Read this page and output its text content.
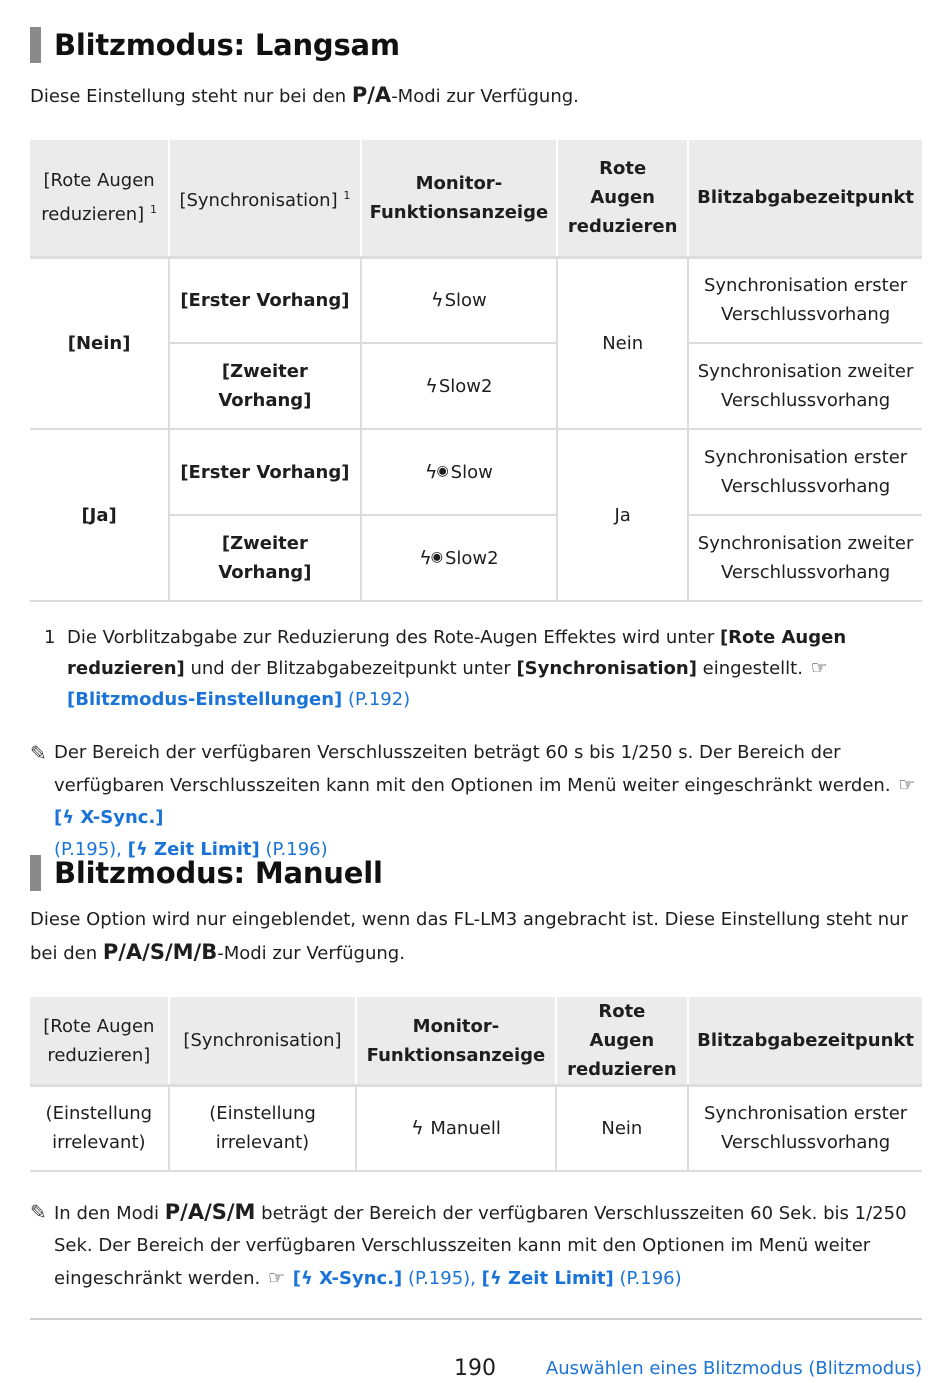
Blitzmodus: Langsam

Diese Einstellung steht nur bei den P/A-Modi zur Verfügung.

[Rote Augen reduzieren] $^1$	[Synchronisation] $^1$	Monitor-Funktionsanzeige	Rote Augen reduzieren	Blitzabgabezeitpunkt
[Nein]	[Erster Vorhang]	ϟSlow	Nein	Synchronisation erster Verschlussvorhang
	[Zweiter Vorhang]	ϟSlow2		Synchronisation zweiter Verschlussvorhang
[Ja]	[Erster Vorhang]	ϟ◉ Slow	Ja	Synchronisation erster Verschlussvorhang
	[Zweiter Vorhang]	ϟ◉ Slow2		Synchronisation zweiter Verschlussvorhang
1 Die Vorblitzabgabe zur Reduzierung des Rote-Augen Effektes wird unter [Rote Augen reduzieren] und der Blitzabgabezeitpunkt unter [Synchronisation] eingestellt. ☞ [Blitzmodus-Einstellungen] (P.192)
✎ Der Bereich der verfügbaren Verschlusszeiten beträgt 60 s bis 1/250 s. Der Bereich der verfügbaren Verschlusszeiten kann mit den Optionen im Menü weiter eingeschränkt werden. ☞ [ϟ X-Sync.]
(P.195), [ϟ Zeit Limit] (P.196)
Blitzmodus: Manuell

Diese Option wird nur eingeblendet, wenn das FL-LM3 angebracht ist. Diese Einstellung steht nur bei den P/A/S/M/B-Modi zur Verfügung.

[Rote Augen reduzieren]	[Synchronisation]	Monitor-Funktionsanzeige	Rote Augen reduzieren	Blitzabgabezeitpunkt
(Einstellung irrelevant)	(Einstellung irrelevant)	ϟ Manuell	Nein	Synchronisation erster Verschlussvorhang
✎ In den Modi P/A/S/M beträgt der Bereich der verfügbaren Verschlusszeiten 60 Sek. bis 1/250 Sek. Der Bereich der verfügbaren Verschlusszeiten kann mit den Optionen im Menü weiter eingeschränkt werden. ☞ [ϟ X-Sync.] (P.195), [ϟ Zeit Limit] (P.196)
190	Auswählen eines Blitzmodus (Blitzmodus)
